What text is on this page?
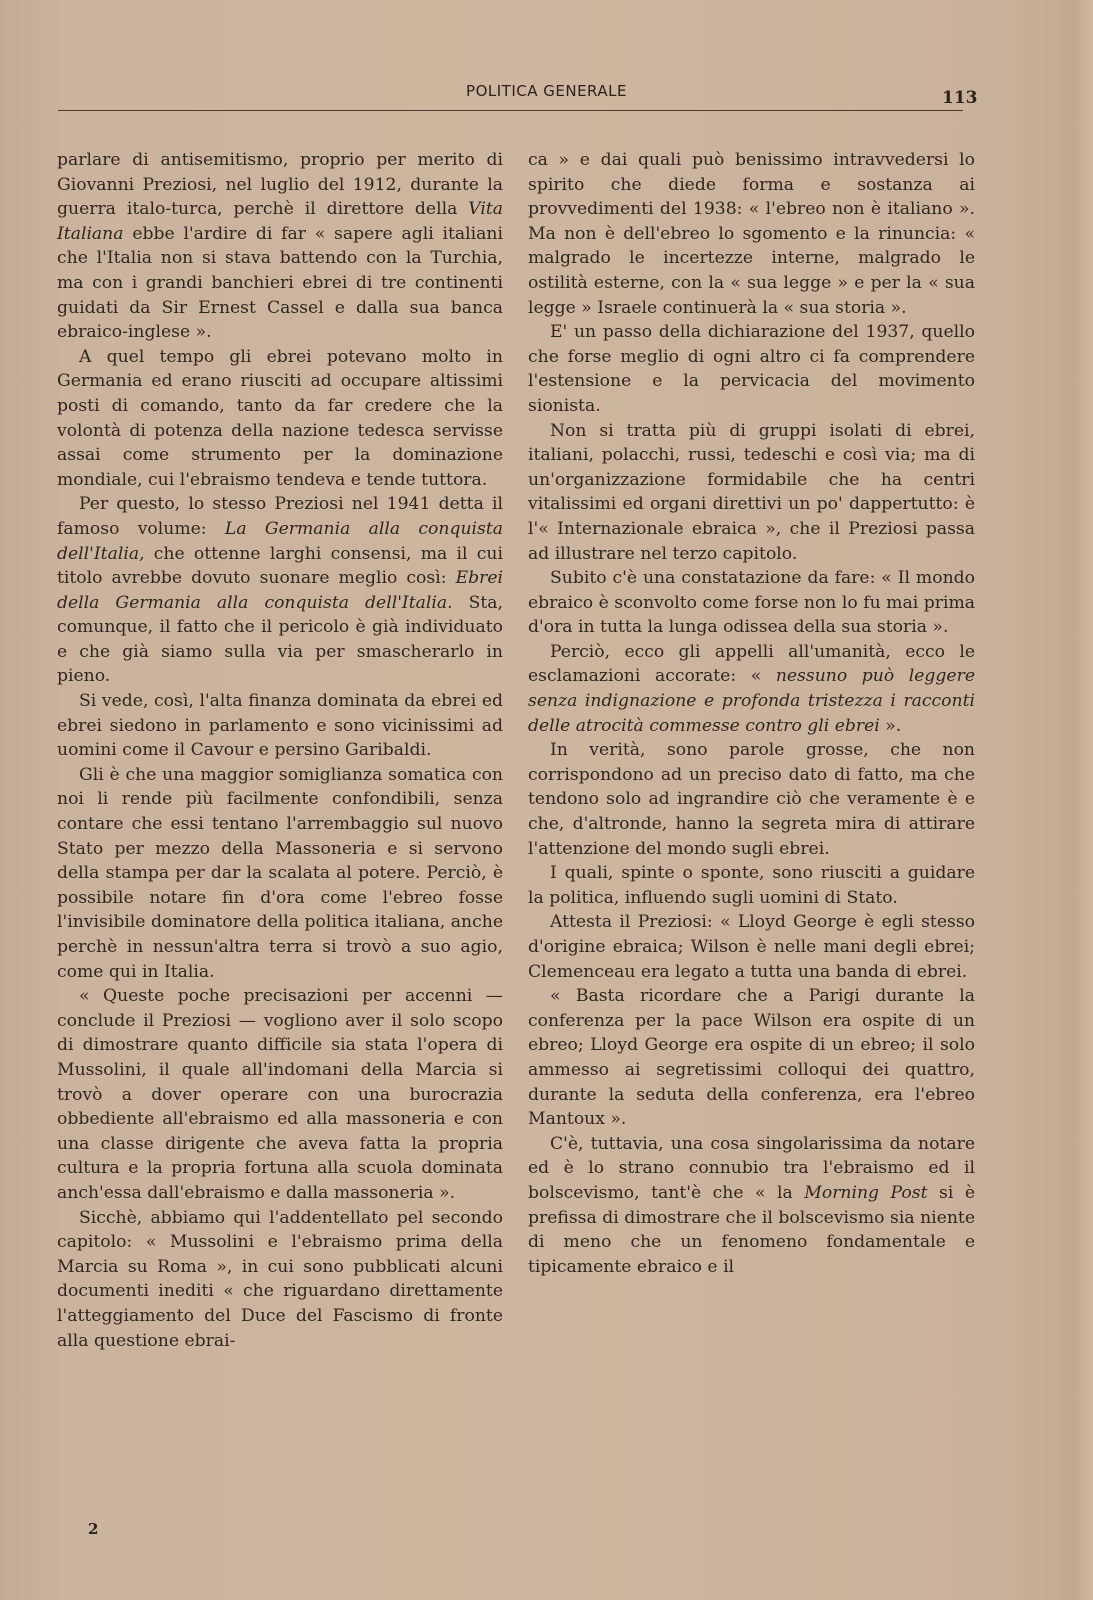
POLITICA GENERALE	113

parlare di antisemitismo, proprio per merito di Giovanni Preziosi, nel luglio del 1912, durante la guerra italo-turca, perchè il direttore della Vita Italiana ebbe l'ardire di far « sapere agli italiani che l'Italia non si stava battendo con la Turchia, ma con i grandi banchieri ebrei di tre continenti guidati da Sir Ernest Cassel e dalla sua banca ebraico-inglese ».

A quel tempo gli ebrei potevano molto in Germania ed erano riusciti ad occupare altissimi posti di comando, tanto da far credere che la volontà di potenza della nazione tedesca servisse assai come strumento per la dominazione mondiale, cui l'ebraismo tendeva e tende tuttora.

Per questo, lo stesso Preziosi nel 1941 detta il famoso volume: La Germania alla conquista dell'Italia, che ottenne larghi consensi, ma il cui titolo avrebbe dovuto suonare meglio così: Ebrei della Germania alla conquista dell'Italia. Sta, comunque, il fatto che il pericolo è già individuato e che già siamo sulla via per smascherarlo in pieno.

Si vede, così, l'alta finanza dominata da ebrei ed ebrei siedono in parlamento e sono vicinissimi ad uomini come il Cavour e persino Garibaldi.

Gli è che una maggior somiglianza somatica con noi li rende più facilmente confondibili, senza contare che essi tentano l'arrembaggio sul nuovo Stato per mezzo della Massoneria e si servono della stampa per dar la scalata al potere. Perciò, è possibile notare fin d'ora come l'ebreo fosse l'invisibile dominatore della politica italiana, anche perchè in nessun'altra terra si trovò a suo agio, come qui in Italia.

« Queste poche precisazioni per accenni — conclude il Preziosi — vogliono aver il solo scopo di dimostrare quanto difficile sia stata l'opera di Mussolini, il quale all'indomani della Marcia si trovò a dover operare con una burocrazia obbediente all'ebraismo ed alla massoneria e con una classe dirigente che aveva fatta la propria cultura e la propria fortuna alla scuola dominata anch'essa dall'ebraismo e dalla massoneria ».

Sicchè, abbiamo qui l'addentellato pel secondo capitolo: « Mussolini e l'ebraismo prima della Marcia su Roma », in cui sono pubblicati alcuni documenti inediti « che riguardano direttamente l'atteggiamento del Duce del Fascismo di fronte alla questione ebrai-

ca » e dai quali può benissimo intravvedersi lo spirito che diede forma e sostanza ai provvedimenti del 1938: « l'ebreo non è italiano ». Ma non è dell'ebreo lo sgomento e la rinuncia: « malgrado le incertezze interne, malgrado le ostilità esterne, con la « sua legge » e per la « sua legge » Israele continuerà la « sua storia ».

E' un passo della dichiarazione del 1937, quello che forse meglio di ogni altro ci fa comprendere l'estensione e la pervicacia del movimento sionista.

Non si tratta più di gruppi isolati di ebrei, italiani, polacchi, russi, tedeschi e così via; ma di un'organizzazione formidabile che ha centri vitalissimi ed organi direttivi un po' dappertutto: è l'« Internazionale ebraica », che il Preziosi passa ad illustrare nel terzo capitolo.

Subito c'è una constatazione da fare: « Il mondo ebraico è sconvolto come forse non lo fu mai prima d'ora in tutta la lunga odissea della sua storia ».

Perciò, ecco gli appelli all'umanità, ecco le esclamazioni accorate: « nessuno può leggere senza indignazione e profonda tristezza i racconti delle atrocità commesse contro gli ebrei ».

In verità, sono parole grosse, che non corrispondono ad un preciso dato di fatto, ma che tendono solo ad ingrandire ciò che veramente è e che, d'altronde, hanno la segreta mira di attirare l'attenzione del mondo sugli ebrei.

I quali, spinte o sponte, sono riusciti a guidare la politica, influendo sugli uomini di Stato.

Attesta il Preziosi: « Lloyd George è egli stesso d'origine ebraica; Wilson è nelle mani degli ebrei; Clemenceau era legato a tutta una banda di ebrei.

« Basta ricordare che a Parigi durante la conferenza per la pace Wilson era ospite di un ebreo; Lloyd George era ospite di un ebreo; il solo ammesso ai segretissimi colloqui dei quattro, durante la seduta della conferenza, era l'ebreo Mantoux ».

C'è, tuttavia, una cosa singolarissima da notare ed è lo strano connubio tra l'ebraismo ed il bolscevismo, tant'è che « la Morning Post si è prefissa di dimostrare che il bolscevismo sia niente di meno che un fenomeno fondamentale e tipicamente ebraico e il

2
